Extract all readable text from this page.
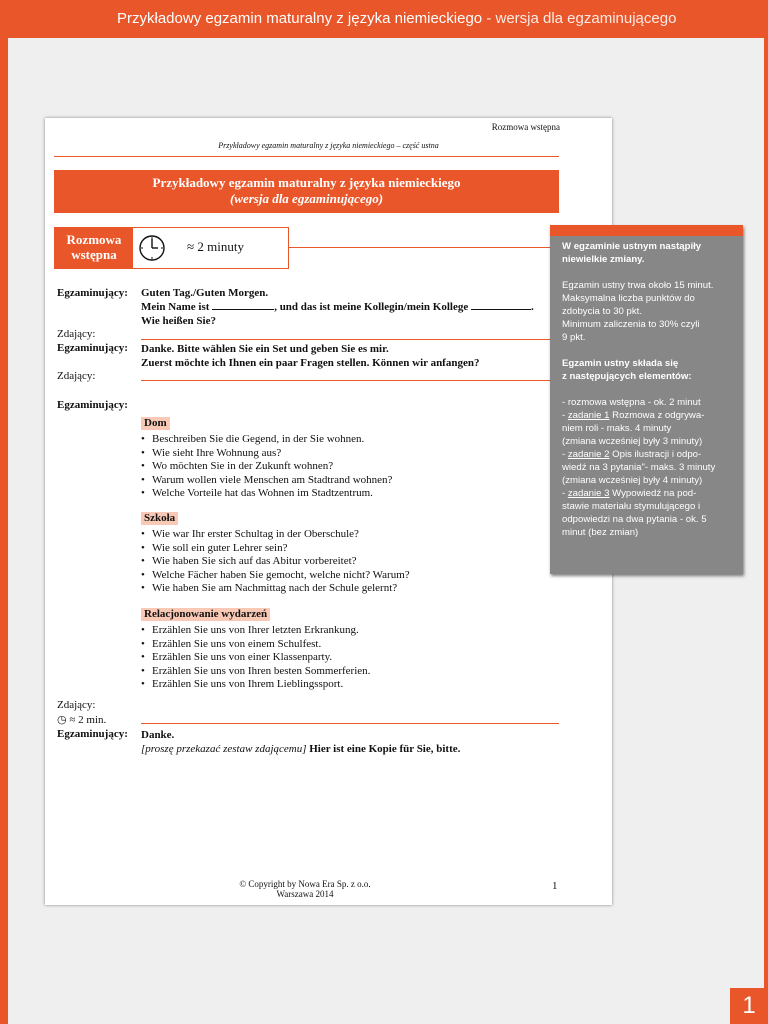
Przykładowy egzamin maturalny z języka niemieckiego - wersja dla egzaminującego
1
Rozmowa wstępna
Przykładowy egzamin maturalny z języka niemieckiego – część ustna
Przykładowy egzamin maturalny z języka niemieckiego
(wersja dla egzaminującego)
Rozmowa
wstępna
≈ 2 minuty
Egzaminujący: Guten Tag./Guten Morgen.
Mein Name ist	, und das ist meine Kollegin/mein Kollege	.
Wie heißen Sie?
Zdający:
Egzaminujący: Danke. Bitte wählen Sie ein Set und geben Sie es mir.
Zuerst möchte ich Ihnen ein paar Fragen stellen. Können wir anfangen?
Zdający:
Egzaminujący:
Dom
• Beschreiben Sie die Gegend, in der Sie wohnen.
• Wie sieht Ihre Wohnung aus?
• Wo möchten Sie in der Zukunft wohnen?
• Warum wollen viele Menschen am Stadtrand wohnen?
• Welche Vorteile hat das Wohnen im Stadtzentrum.
Szkoła
• Wie war Ihr erster Schultag in der Oberschule?
• Wie soll ein guter Lehrer sein?
• Wie haben Sie sich auf das Abitur vorbereitet?
• Welche Fächer haben Sie gemocht, welche nicht? Warum?
• Wie haben Sie am Nachmittag nach der Schule gelernt?
Relacjonowanie wydarzeń
• Erzählen Sie uns von Ihrer letzten Erkrankung.
• Erzählen Sie uns von einem Schulfest.
• Erzählen Sie uns von einer Klassenparty.
• Erzählen Sie uns von Ihren besten Sommerferien.
• Erzählen Sie uns von Ihrem Lieblingssport.
Zdający:
◷ ≈ 2 min.
Egzaminujący: Danke.
[proszę przekazać zestaw zdającemu] Hier ist eine Kopie für Sie, bitte.
© Copyright by Nowa Era Sp. z o.o.
Warszawa 2014
1

W egzaminie ustnym nastąpiły
niewielkie zmiany.

Egzamin ustny trwa około 15 minut.
Maksymalna liczba punktów do
zdobycia to 30 pkt.
Minimum zaliczenia to 30% czyli
9 pkt.

Egzamin ustny składa się
z następujących elementów:

- rozmowa wstępna - ok. 2 minut
- zadanie 1 Rozmowa z odgrywa-
niem roli - maks. 4 minuty
(zmiana wcześniej były 3 minuty)
- zadanie 2 Opis ilustracji i odpo-
wiedź na 3 pytania"- maks. 3 minuty
(zmiana wcześniej były 4 minuty)
- zadanie 3 Wypowiedź na pod-
stawie materiału stymulującego i
odpowiedzi na dwa pytania - ok. 5
minut (bez zmian)
